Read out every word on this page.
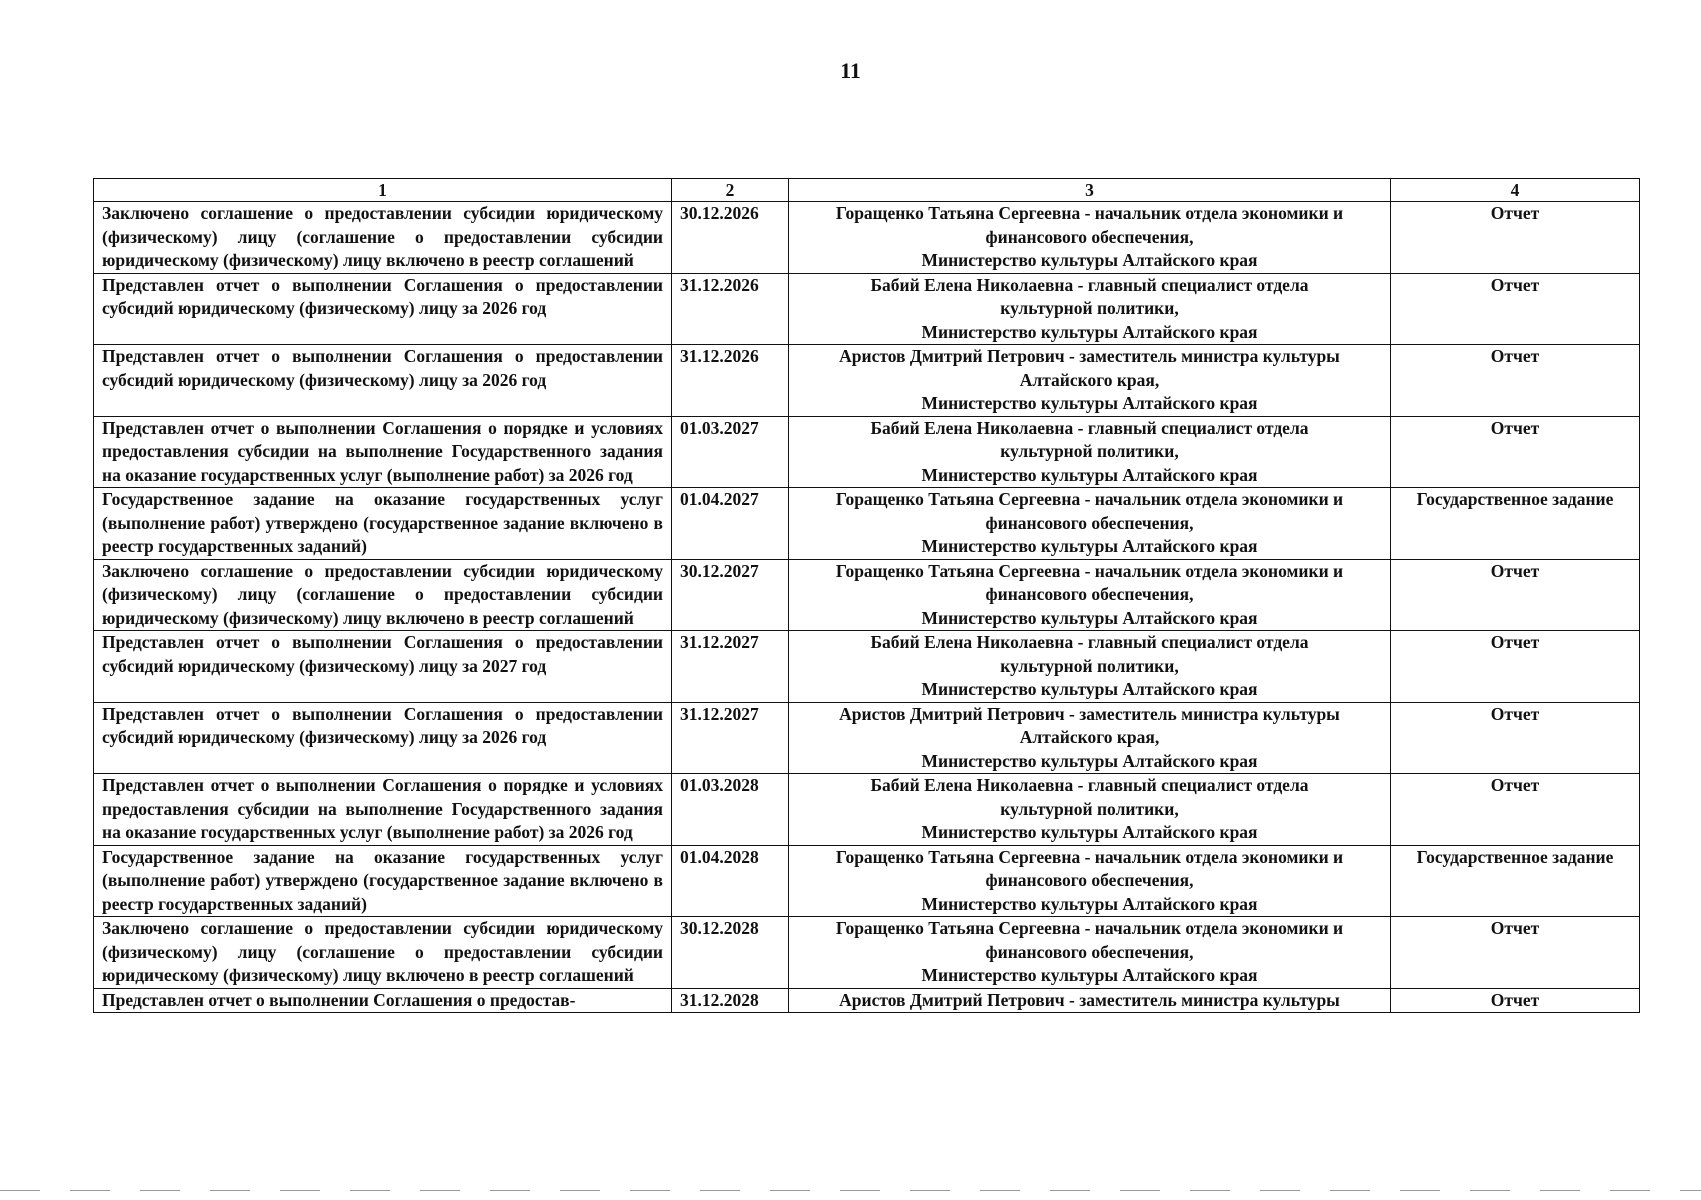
11
1	2	3	4
Заключено соглашение о предоставлении субсидии юридическому (физическому) лицу (соглашение о предоставлении субсидии юридическому (физическому) лицу включено в реестр соглашений	30.12.2026	Горащенко Татьяна Сергеевна - начальник отдела экономики и
финансового обеспечения,
Министерство культуры Алтайского края	Отчет
Представлен отчет о выполнении Соглашения о предоставлении субсидий юридическому (физическому) лицу за 2026 год	31.12.2026	Бабий Елена Николаевна - главный специалист отдела
культурной политики,
Министерство культуры Алтайского края	Отчет
Представлен отчет о выполнении Соглашения о предоставлении субсидий юридическому (физическому) лицу за 2026 год	31.12.2026	Аристов Дмитрий Петрович - заместитель министра культуры
Алтайского края,
Министерство культуры Алтайского края	Отчет
Представлен отчет о выполнении Соглашения о порядке и условиях предоставления субсидии на выполнение Государственного задания на оказание государственных услуг (выполнение работ) за 2026 год	01.03.2027	Бабий Елена Николаевна - главный специалист отдела
культурной политики,
Министерство культуры Алтайского края	Отчет
Государственное задание на оказание государственных услуг (выполнение работ) утверждено (государственное задание включено в реестр государственных заданий)	01.04.2027	Горащенко Татьяна Сергеевна - начальник отдела экономики и
финансового обеспечения,
Министерство культуры Алтайского края	Государственное задание
Заключено соглашение о предоставлении субсидии юридическому (физическому) лицу (соглашение о предоставлении субсидии юридическому (физическому) лицу включено в реестр соглашений	30.12.2027	Горащенко Татьяна Сергеевна - начальник отдела экономики и
финансового обеспечения,
Министерство культуры Алтайского края	Отчет
Представлен отчет о выполнении Соглашения о предоставлении субсидий юридическому (физическому) лицу за 2027 год	31.12.2027	Бабий Елена Николаевна - главный специалист отдела
культурной политики,
Министерство культуры Алтайского края	Отчет
Представлен отчет о выполнении Соглашения о предоставлении субсидий юридическому (физическому) лицу за 2026 год	31.12.2027	Аристов Дмитрий Петрович - заместитель министра культуры
Алтайского края,
Министерство культуры Алтайского края	Отчет
Представлен отчет о выполнении Соглашения о порядке и условиях предоставления субсидии на выполнение Государственного задания на оказание государственных услуг (выполнение работ) за 2026 год	01.03.2028	Бабий Елена Николаевна - главный специалист отдела
культурной политики,
Министерство культуры Алтайского края	Отчет
Государственное задание на оказание государственных услуг (выполнение работ) утверждено (государственное задание включено в реестр государственных заданий)	01.04.2028	Горащенко Татьяна Сергеевна - начальник отдела экономики и
финансового обеспечения,
Министерство культуры Алтайского края	Государственное задание
Заключено соглашение о предоставлении субсидии юридическому (физическому) лицу (соглашение о предоставлении субсидии юридическому (физическому) лицу включено в реестр соглашений	30.12.2028	Горащенко Татьяна Сергеевна - начальник отдела экономики и
финансового обеспечения,
Министерство культуры Алтайского края	Отчет
Представлен отчет о выполнении Соглашения о предостав-	31.12.2028	Аристов Дмитрий Петрович - заместитель министра культуры	Отчет
